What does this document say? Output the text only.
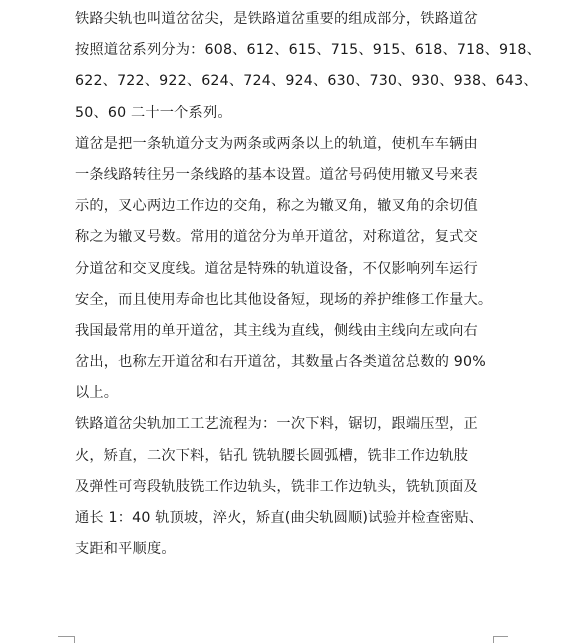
铁路尖轨也叫道岔岔尖，是铁路道岔重要的组成部分，铁路道岔
按照道岔系列分为：608、612、615、715、915、618、718、918、
622、722、922、624、724、924、630、730、930、938、643、
50、60 二十一个系列。
道岔是把一条轨道分支为两条或两条以上的轨道，使机车车辆由
一条线路转往另一条线路的基本设置。道岔号码使用辙叉号来表
示的，叉心两边工作边的交角，称之为辙叉角，辙叉角的余切值
称之为辙叉号数。常用的道岔分为单开道岔，对称道岔，复式交
分道岔和交叉度线。道岔是特殊的轨道设备，不仅影响列车运行
安全，而且使用寿命也比其他设备短，现场的养护维修工作量大。
我国最常用的单开道岔，其主线为直线，侧线由主线向左或向右
岔出，也称左开道岔和右开道岔，其数量占各类道岔总数的 90%
以上。
铁路道岔尖轨加工工艺流程为：一次下料，锯切，跟端压型，正
火，矫直，二次下料，钻孔 铣轨腰长圆弧槽，铣非工作边轨肢
及弹性可弯段轨肢铣工作边轨头，铣非工作边轨头，铣轨顶面及
通长 1：40 轨顶坡，淬火，矫直(曲尖轨圆顺)试验并检查密贴、
支距和平顺度。
